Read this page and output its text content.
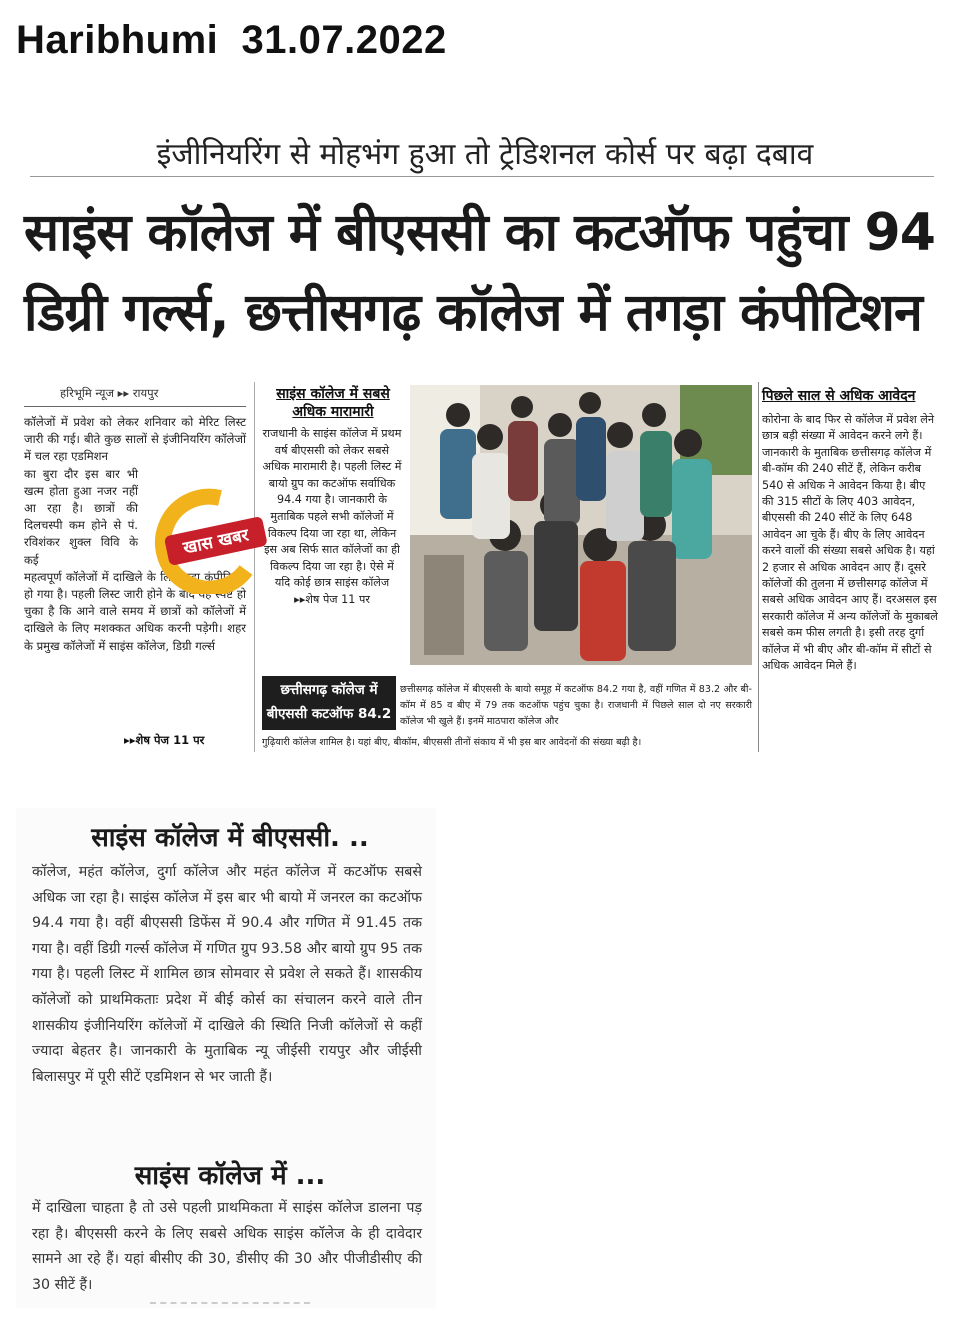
Haribhumi  31.07.2022
इंजीनियरिंग से मोहभंग हुआ तो ट्रेडिशनल कोर्स पर बढ़ा दबाव
साइंस कॉलेज में बीएससी का कटऑफ पहुंचा 94
डिग्री गर्ल्स, छत्तीसगढ़ कॉलेज में तगड़ा कंपीटिशन
हरिभूमि न्यूज ▸▸ रायपुर

कॉलेजों में प्रवेश को लेकर शनिवार को मेरिट लिस्ट जारी की गई। बीते कुछ सालों से इंजीनियरिंग कॉलेजों में चल रहा एडमिशन

का बुरा दौर इस बार भी खत्म होता हुआ नजर नहीं आ रहा है। छात्रों की दिलचस्पी कम होने से पं. रविशंकर शुक्ल विवि के कई

महत्वपूर्ण कॉलेजों में दाखिले के लिए कड़ा कंपीटिशन हो गया है। पहली लिस्ट जारी होने के बाद यह स्पष्ट हो चुका है कि आने वाले समय में छात्रों को कॉलेजों में दाखिले के लिए मशक्कत अधिक करनी पड़ेगी। शहर के प्रमुख कॉलेजों में साइंस कॉलेज, डिग्री गर्ल्स

खास खबर
▸▸शेष पेज 11 पर
साइंस कॉलेज में सबसे अधिक मारामारी
राजधानी के साइंस कॉलेज में प्रथम वर्ष बीएससी को लेकर सबसे अधिक मारामारी है। पहली लिस्ट में बायो ग्रुप का कटऑफ सर्वाधिक 94.4 गया है। जानकारी के मुताबिक पहले सभी कॉलेजों में विकल्प दिया जा रहा था, लेकिन इस अब सिर्फ सात कॉलेजों का ही विकल्प दिया जा रहा है। ऐसे में यदि कोई छात्र साइंस कॉलेज ▸▸शेष पेज 11 पर
छत्तीसगढ़ कॉलेज में
बीएससी कटऑफ 84.2
छत्तीसगढ़ कॉलेज में बीएससी के बायो समूह में कटऑफ 84.2 गया है, वहीं गणित में 83.2 और बी-कॉम में 85 व बीए में 79 तक कटऑफ पहुंच चुका है। राजधानी में पिछले साल दो नए सरकारी कॉलेज भी खुले हैं। इनमें माठपारा कॉलेज और
गुढ़ियारी कॉलेज शामिल है। यहां बीए, बीकॉम, बीएससी तीनों संकाय में भी इस बार आवेदनों की संख्या बढ़ी है।
पिछले साल से अधिक आवेदन
कोरोना के बाद फिर से कॉलेज में प्रवेश लेने छात्र बड़ी संख्या में आवेदन करने लगे हैं। जानकारी के मुताबिक छत्तीसगढ़ कॉलेज में बी-कॉम की 240 सीटें हैं, लेकिन करीब 540 से अधिक ने आवेदन किया है। बीए की 315 सीटों के लिए 403 आवेदन, बीएससी की 240 सीटें के लिए 648 आवेदन आ चुके हैं। बीए के लिए आवेदन करने वालों की संख्या सबसे अधिक है। यहां 2 हजार से अधिक आवेदन आए हैं। दूसरे कॉलेजों की तुलना में छत्तीसगढ़ कॉलेज में सबसे अधिक आवेदन आए हैं। दरअसल इस सरकारी कॉलेज में अन्य कॉलेजों के मुकाबले सबसे कम फीस लगती है। इसी तरह दुर्गा कॉलेज में भी बीए और बी-कॉम में सीटों से अधिक आवेदन मिले हैं।
साइंस कॉलेज में बीएससी. ..
कॉलेज, महंत कॉलेज, दुर्गा कॉलेज और महंत कॉलेज में कटऑफ सबसे अधिक जा रहा है। साइंस कॉलेज में इस बार भी बायो में जनरल का कटऑफ 94.4 गया है। वहीं बीएससी डिफेंस में 90.4 और गणित में 91.45 तक गया है। वहीं डिग्री गर्ल्स कॉलेज में गणित ग्रुप 93.58 और बायो ग्रुप 95 तक गया है। पहली लिस्ट में शामिल छात्र सोमवार से प्रवेश ले सकते हैं। शासकीय कॉलेजों को प्राथमिकताः प्रदेश में बीई कोर्स का संचालन करने वाले तीन शासकीय इंजीनियरिंग कॉलेजों में दाखिले की स्थिति निजी कॉलेजों से कहीं ज्यादा बेहतर है। जानकारी के मुताबिक न्यू जीईसी रायपुर और जीईसी बिलासपुर में पूरी सीटें एडमिशन से भर जाती हैं।
साइंस कॉलेज में ...
में दाखिला चाहता है तो उसे पहली प्राथमिकता में साइंस कॉलेज डालना पड़ रहा है। बीएससी करने के लिए सबसे अधिक साइंस कॉलेज के ही दावेदार सामने आ रहे हैं। यहां बीसीए की 30, डीसीए की 30 और पीजीडीसीए की 30 सीटें हैं।
